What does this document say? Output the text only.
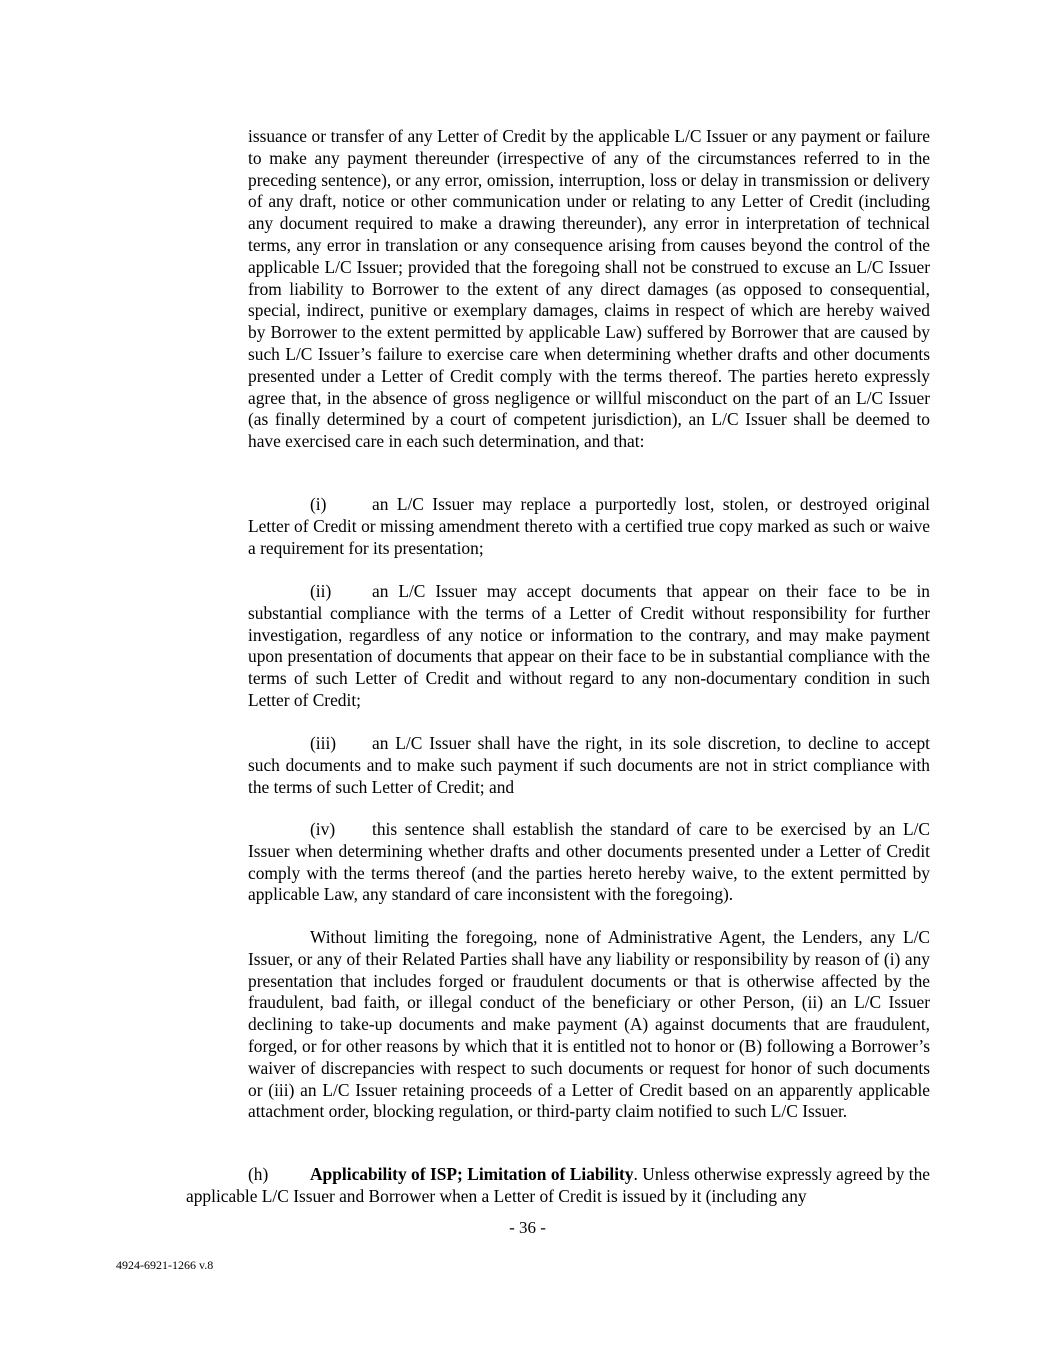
issuance or transfer of any Letter of Credit by the applicable L/C Issuer or any payment or failure to make any payment thereunder (irrespective of any of the circumstances referred to in the preceding sentence), or any error, omission, interruption, loss or delay in transmission or delivery of any draft, notice or other communication under or relating to any Letter of Credit (including any document required to make a drawing thereunder), any error in interpretation of technical terms, any error in translation or any consequence arising from causes beyond the control of the applicable L/C Issuer; provided that the foregoing shall not be construed to excuse an L/C Issuer from liability to Borrower to the extent of any direct damages (as opposed to consequential, special, indirect, punitive or exemplary damages, claims in respect of which are hereby waived by Borrower to the extent permitted by applicable Law) suffered by Borrower that are caused by such L/C Issuer’s failure to exercise care when determining whether drafts and other documents presented under a Letter of Credit comply with the terms thereof. The parties hereto expressly agree that, in the absence of gross negligence or willful misconduct on the part of an L/C Issuer (as finally determined by a court of competent jurisdiction), an L/C Issuer shall be deemed to have exercised care in each such determination, and that:
(i)	an L/C Issuer may replace a purportedly lost, stolen, or destroyed original Letter of Credit or missing amendment thereto with a certified true copy marked as such or waive a requirement for its presentation;
(ii) an L/C Issuer may accept documents that appear on their face to be in substantial compliance with the terms of a Letter of Credit without responsibility for further investigation, regardless of any notice or information to the contrary, and may make payment upon presentation of documents that appear on their face to be in substantial compliance with the terms of such Letter of Credit and without regard to any non-documentary condition in such Letter of Credit;
(iii) an L/C Issuer shall have the right, in its sole discretion, to decline to accept such documents and to make such payment if such documents are not in strict compliance with the terms of such Letter of Credit; and
(iv) this sentence shall establish the standard of care to be exercised by an L/C Issuer when determining whether drafts and other documents presented under a Letter of Credit comply with the terms thereof (and the parties hereto hereby waive, to the extent permitted by applicable Law, any standard of care inconsistent with the foregoing).
Without limiting the foregoing, none of Administrative Agent, the Lenders, any L/C Issuer, or any of their Related Parties shall have any liability or responsibility by reason of (i) any presentation that includes forged or fraudulent documents or that is otherwise affected by the fraudulent, bad faith, or illegal conduct of the beneficiary or other Person, (ii) an L/C Issuer declining to take-up documents and make payment (A) against documents that are fraudulent, forged, or for other reasons by which that it is entitled not to honor or (B) following a Borrower’s waiver of discrepancies with respect to such documents or request for honor of such documents or (iii) an L/C Issuer retaining proceeds of a Letter of Credit based on an apparently applicable attachment order, blocking regulation, or third-party claim notified to such L/C Issuer.
(h) Applicability of ISP; Limitation of Liability. Unless otherwise expressly agreed by the applicable L/C Issuer and Borrower when a Letter of Credit is issued by it (including any
- 36 -
4924-6921-1266 v.8
